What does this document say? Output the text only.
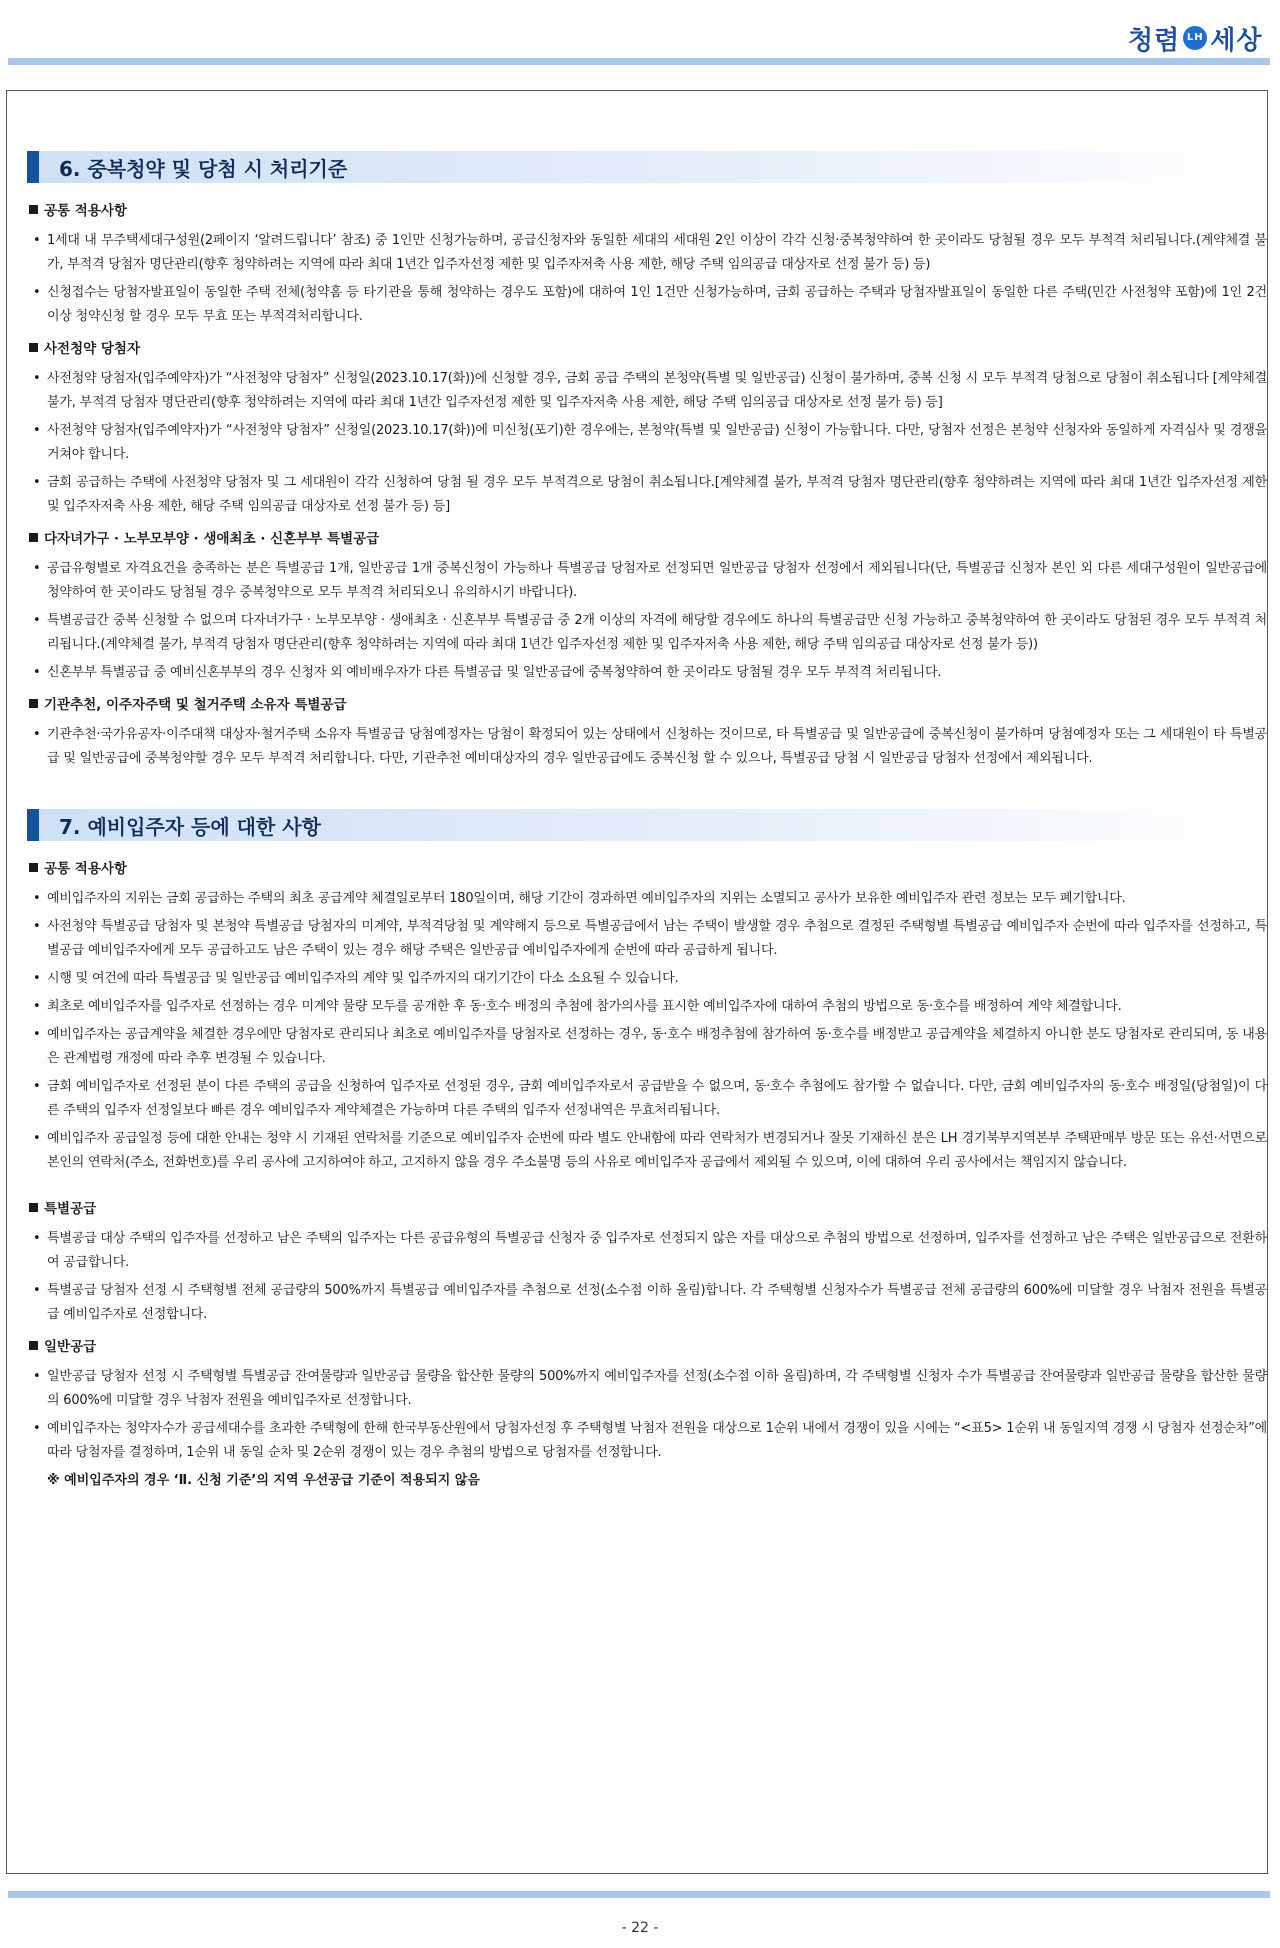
청렴 LH 세상
6. 중복청약 및 당첨 시 처리기준
공통 적용사항
• 1세대 내 무주택세대구성원(2페이지 ‘알려드립니다’ 참조) 중 1인만 신청가능하며, 공급신청자와 동일한 세대의 세대원 2인 이상이 각각 신청·중복청약하여 한 곳이라도 당첨될 경우 모두 부적격 처리됩니다.(계약체결 불가, 부적격 당첨자 명단관리(향후 청약하려는 지역에 따라 최대 1년간 입주자선정 제한 및 입주자저축 사용 제한, 해당 주택 임의공급 대상자로 선정 불가 등) 등)
• 신청접수는 당첨자발표일이 동일한 주택 전체(청약홈 등 타기관을 통해 청약하는 경우도 포함)에 대하여 1인 1건만 신청가능하며, 금회 공급하는 주택과 당첨자발표일이 동일한 다른 주택(민간 사전청약 포함)에 1인 2건 이상 청약신청 할 경우 모두 무효 또는 부적격처리합니다.
사전청약 당첨자
• 사전청약 당첨자(입주예약자)가 “사전청약 당첨자” 신청일(2023.10.17(화))에 신청할 경우, 금회 공급 주택의 본청약(특별 및 일반공급) 신청이 불가하며, 중복 신청 시 모두 부적격 당첨으로 당첨이 취소됩니다 [계약체결 불가, 부적격 당첨자 명단관리(향후 청약하려는 지역에 따라 최대 1년간 입주자선정 제한 및 입주자저축 사용 제한, 해당 주택 임의공급 대상자로 선정 불가 등) 등]
• 사전청약 당첨자(입주예약자)가 “사전청약 당첨자” 신청일(2023.10.17(화))에 미신청(포기)한 경우에는, 본청약(특별 및 일반공급) 신청이 가능합니다. 다만, 당첨자 선정은 본청약 신청자와 동일하게 자격심사 및 경쟁을 거쳐야 합니다.
• 금회 공급하는 주택에 사전청약 당첨자 및 그 세대원이 각각 신청하여 당첨 될 경우 모두 부적격으로 당첨이 취소됩니다.[계약체결 불가, 부적격 당첨자 명단관리(향후 청약하려는 지역에 따라 최대 1년간 입주자선정 제한 및 입주자저축 사용 제한, 해당 주택 임의공급 대상자로 선정 불가 등) 등]
다자녀가구 · 노부모부양 · 생애최초 · 신혼부부 특별공급
• 공급유형별로 자격요건을 충족하는 분은 특별공급 1개, 일반공급 1개 중복신청이 가능하나 특별공급 당첨자로 선정되면 일반공급 당첨자 선정에서 제외됩니다(단, 특별공급 신청자 본인 외 다른 세대구성원이 일반공급에 청약하여 한 곳이라도 당첨될 경우 중복청약으로 모두 부적격 처리되오니 유의하시기 바랍니다).
• 특별공급간 중복 신청할 수 없으며 다자녀가구 · 노부모부양 · 생애최초 · 신혼부부 특별공급 중 2개 이상의 자격에 해당할 경우에도 하나의 특별공급만 신청 가능하고 중복청약하여 한 곳이라도 당첨된 경우 모두 부적격 처리됩니다.(계약체결 불가, 부적격 당첨자 명단관리(향후 청약하려는 지역에 따라 최대 1년간 입주자선정 제한 및 입주자저축 사용 제한, 해당 주택 임의공급 대상자로 선정 불가 등))
• 신혼부부 특별공급 중 예비신혼부부의 경우 신청자 외 예비배우자가 다른 특별공급 및 일반공급에 중복청약하여 한 곳이라도 당첨될 경우 모두 부적격 처리됩니다.
기관추천, 이주자주택 및 철거주택 소유자 특별공급
• 기관추천·국가유공자·이주대책 대상자·철거주택 소유자 특별공급 당첨예정자는 당첨이 확정되어 있는 상태에서 신청하는 것이므로, 타 특별공급 및 일반공급에 중복신청이 불가하며 당첨예정자 또는 그 세대원이 타 특별공급 및 일반공급에 중복청약할 경우 모두 부적격 처리합니다. 다만, 기관추천 예비대상자의 경우 일반공급에도 중복신청 할 수 있으나, 특별공급 당첨 시 일반공급 당첨자 선정에서 제외됩니다.
7. 예비입주자 등에 대한 사항
공통 적용사항
• 예비입주자의 지위는 금회 공급하는 주택의 최초 공급계약 체결일로부터 180일이며, 해당 기간이 경과하면 예비입주자의 지위는 소멸되고 공사가 보유한 예비입주자 관련 정보는 모두 폐기합니다.
• 사전청약 특별공급 당첨자 및 본청약 특별공급 당첨자의 미계약, 부적격당첨 및 계약해지 등으로 특별공급에서 남는 주택이 발생할 경우 추첨으로 결정된 주택형별 특별공급 예비입주자 순번에 따라 입주자를 선정하고, 특별공급 예비입주자에게 모두 공급하고도 남은 주택이 있는 경우 해당 주택은 일반공급 예비입주자에게 순번에 따라 공급하게 됩니다.
• 시행 및 여건에 따라 특별공급 및 일반공급 예비입주자의 계약 및 입주까지의 대기기간이 다소 소요될 수 있습니다.
• 최초로 예비입주자를 입주자로 선정하는 경우 미계약 물량 모두를 공개한 후 동·호수 배정의 추첨에 참가의사를 표시한 예비입주자에 대하여 추첨의 방법으로 동·호수를 배정하여 계약 체결합니다.
• 예비입주자는 공급계약을 체결한 경우에만 당첨자로 관리되나 최초로 예비입주자를 당첨자로 선정하는 경우, 동·호수 배정추첨에 참가하여 동·호수를 배정받고 공급계약을 체결하지 아니한 분도 당첨자로 관리되며, 동 내용은 관계법령 개정에 따라 추후 변경될 수 있습니다.
• 금회 예비입주자로 선정된 분이 다른 주택의 공급을 신청하여 입주자로 선정된 경우, 금회 예비입주자로서 공급받을 수 없으며, 동·호수 추첨에도 참가할 수 없습니다. 다만, 금회 예비입주자의 동·호수 배정일(당첨일)이 다른 주택의 입주자 선정일보다 빠른 경우 예비입주자 계약체결은 가능하며 다른 주택의 입주자 선정내역은 무효처리됩니다.
• 예비입주자 공급일정 등에 대한 안내는 청약 시 기재된 연락처를 기준으로 예비입주자 순번에 따라 별도 안내함에 따라 연락처가 변경되거나 잘못 기재하신 분은 LH 경기북부지역본부 주택판매부 방문 또는 유선·서면으로 본인의 연락처(주소, 전화번호)를 우리 공사에 고지하여야 하고, 고지하지 않을 경우 주소불명 등의 사유로 예비입주자 공급에서 제외될 수 있으며, 이에 대하여 우리 공사에서는 책임지지 않습니다.
특별공급
• 특별공급 대상 주택의 입주자를 선정하고 남은 주택의 입주자는 다른 공급유형의 특별공급 신청자 중 입주자로 선정되지 않은 자를 대상으로 추첨의 방법으로 선정하며, 입주자를 선정하고 남은 주택은 일반공급으로 전환하여 공급합니다.
• 특별공급 당첨자 선정 시 주택형별 전체 공급량의 500%까지 특별공급 예비입주자를 추첨으로 선정(소수점 이하 올림)합니다. 각 주택형별 신청자수가 특별공급 전체 공급량의 600%에 미달할 경우 낙첨자 전원을 특별공급 예비입주자로 선정합니다.
일반공급
• 일반공급 당첨자 선정 시 주택형별 특별공급 잔여물량과 일반공급 물량을 합산한 물량의 500%까지 예비입주자를 선정(소수점 이하 올림)하며, 각 주택형별 신청자 수가 특별공급 잔여물량과 일반공급 물량을 합산한 물량의 600%에 미달할 경우 낙첨자 전원을 예비입주자로 선정합니다.
• 예비입주자는 청약자수가 공급세대수를 초과한 주택형에 한해 한국부동산원에서 당첨자선정 후 주택형별 낙첨자 전원을 대상으로 1순위 내에서 경쟁이 있을 시에는 “<표5> 1순위 내 동일지역 경쟁 시 당첨자 선정순차”에 따라 당첨자를 결정하며, 1순위 내 동일 순차 및 2순위 경쟁이 있는 경우 추첨의 방법으로 당첨자를 선정합니다.
※ 예비입주자의 경우 ‘Ⅱ. 신청 기준’의 지역 우선공급 기준이 적용되지 않음
- 22 -
